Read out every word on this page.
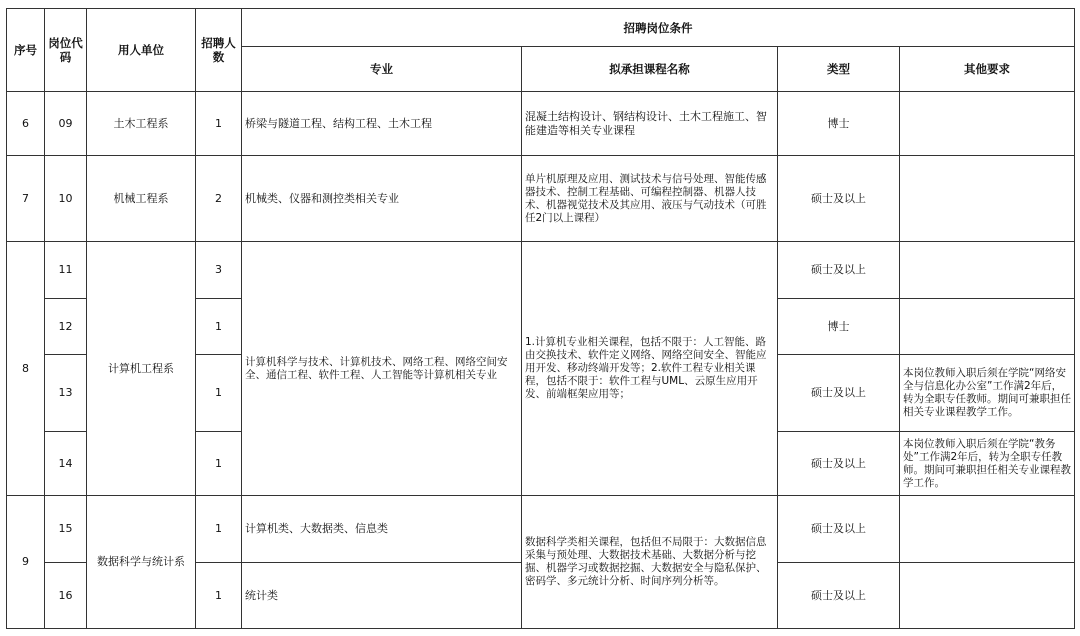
序号	岗位代码	用人单位	招聘人数	招聘岗位条件			
				专业	拟承担课程名称	类型	其他要求
6	09	土木工程系	1	桥梁与隧道工程、结构工程、土木工程	混凝土结构设计、钢结构设计、土木工程施工、智能建造等相关专业课程	博士	
7	10	机械工程系	2	机械类、仪器和测控类相关专业	单片机原理及应用、测试技术与信号处理、智能传感器技术、控制工程基础、可编程控制器、机器人技术、机器视觉技术及其应用、液压与气动技术（可胜任2门以上课程）	硕士及以上	
8	11	计算机工程系	3	计算机科学与技术、计算机技术、网络工程、网络空间安全、通信工程、软件工程、人工智能等计算机相关专业	1.计算机专业相关课程，包括不限于：人工智能、路由交换技术、软件定义网络、网络空间安全、智能应用开发、移动终端开发等；2.软件工程专业相关课程，包括不限于：软件工程与UML、云原生应用开发、前端框架应用等；	硕士及以上	
	12		1			博士	
	13		1			硕士及以上	本岗位教师入职后须在学院“网络安全与信息化办公室”工作满2年后，转为全职专任教师。期间可兼职担任相关专业课程教学工作。
	14		1			硕士及以上	本岗位教师入职后须在学院“教务处”工作满2年后，转为全职专任教师。期间可兼职担任相关专业课程教学工作。
9	15	数据科学与统计系	1	计算机类、大数据类、信息类	数据科学类相关课程，包括但不局限于：大数据信息采集与预处理、大数据技术基础、大数据分析与挖掘、机器学习或数据挖掘、大数据安全与隐私保护、密码学、多元统计分析、时间序列分析等。	硕士及以上	
	16		1	统计类		硕士及以上	
